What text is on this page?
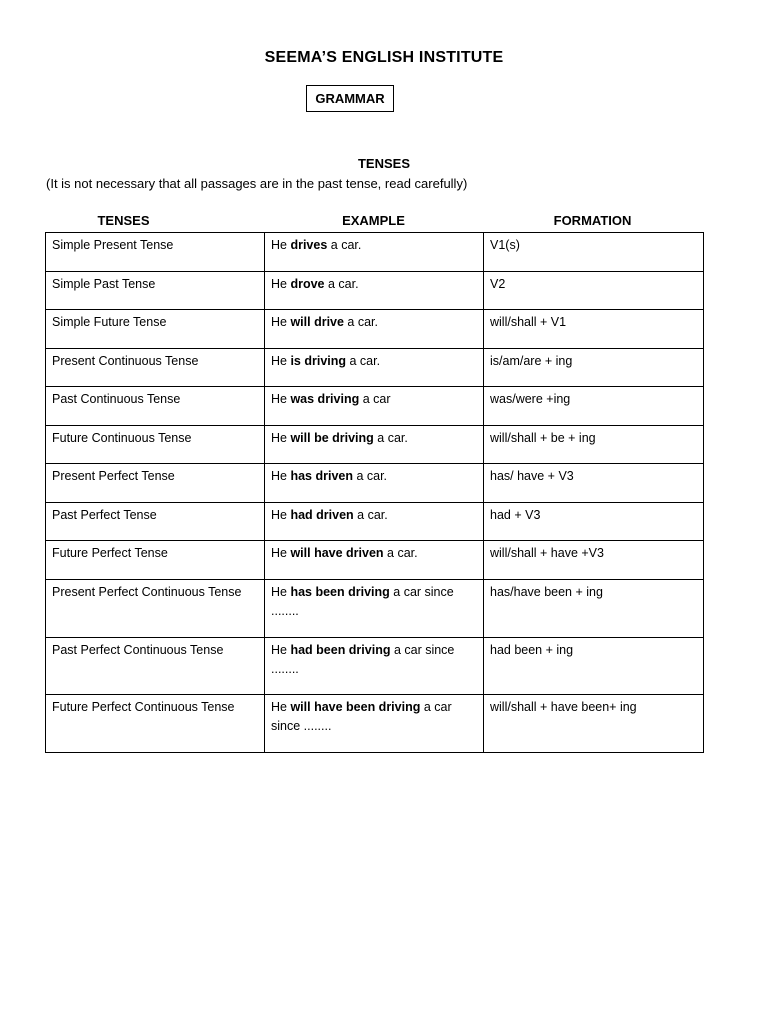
SEEMA’S ENGLISH INSTITUTE
GRAMMAR
TENSES
(It is not necessary that all passages are in the past tense, read carefully)
TENSES	EXAMPLE	FORMATION
Simple Present Tense	He drives a car.	V1(s)
Simple Past Tense	He drove a car.	V2
Simple Future Tense	He will drive a car.	will/shall + V1
Present Continuous Tense	He is driving a car.	is/am/are + ing
Past Continuous Tense	He was driving a car	was/were +ing
Future Continuous Tense	He will be driving a car.	will/shall + be + ing
Present Perfect Tense	He has driven a car.	has/ have + V3
Past Perfect Tense	He had driven a car.	had + V3
Future Perfect Tense	He will have driven a car.	will/shall + have +V3
Present Perfect Continuous Tense	He has been driving a car since ........	has/have been + ing
Past Perfect Continuous Tense	He had been driving a car since ........	had been + ing
Future Perfect Continuous Tense	He will have been driving a car since ........	will/shall + have been+ ing
